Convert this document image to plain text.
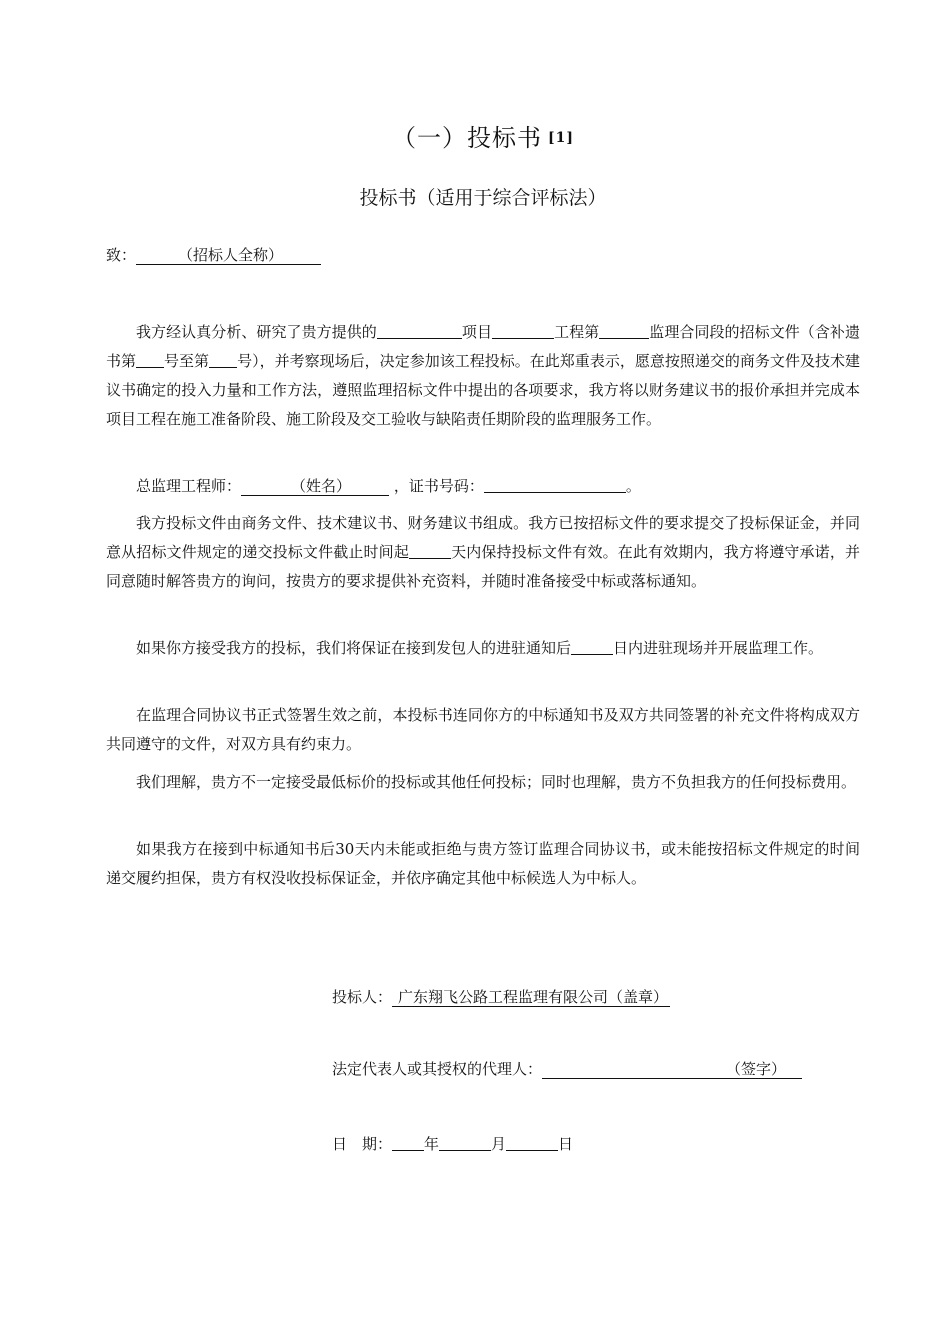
（一）投标书 [1]
投标书（适用于综合评标法）
致：	（招标人全称）
我方经认真分析、研究了贵方提供的	项目	工程第	监理合同段的招标文件（含补遗书第 号至第 号），并考察现场后，决定参加该工程投标。在此郑重表示，愿意按照递交的商务文件及技术建议书确定的投入力量和工作方法，遵照监理招标文件中提出的各项要求，我方将以财务建议书的报价承担并完成本项目工程在施工准备阶段、施工阶段及交工验收与缺陷责任期阶段的监理服务工作。
总监理工程师：	（姓名）	，证书号码：	。
我方投标文件由商务文件、技术建议书、财务建议书组成。我方已按招标文件的要求提交了投标保证金，并同意从招标文件规定的递交投标文件截止时间起	天内保持投标文件有效。在此有效期内，我方将遵守承诺，并同意随时解答贵方的询问，按贵方的要求提供补充资料，并随时准备接受中标或落标通知。
如果你方接受我方的投标，我们将保证在接到发包人的进驻通知后	日内进驻现场并开展监理工作。
在监理合同协议书正式签署生效之前，本投标书连同你方的中标通知书及双方共同签署的补充文件将构成双方共同遵守的文件，对双方具有约束力。
我们理解，贵方不一定接受最低标价的投标或其他任何投标；同时也理解，贵方不负担我方的任何投标费用。
如果我方在接到中标通知书后30天内未能或拒绝与贵方签订监理合同协议书，或未能按招标文件规定的时间递交履约担保，贵方有权没收投标保证金，并依序确定其他中标候选人为中标人。
投标人： 广东翔飞公路工程监理有限公司（盖章）
法定代表人或其授权的代理人：	（签字）
日　期： 年	月	日
